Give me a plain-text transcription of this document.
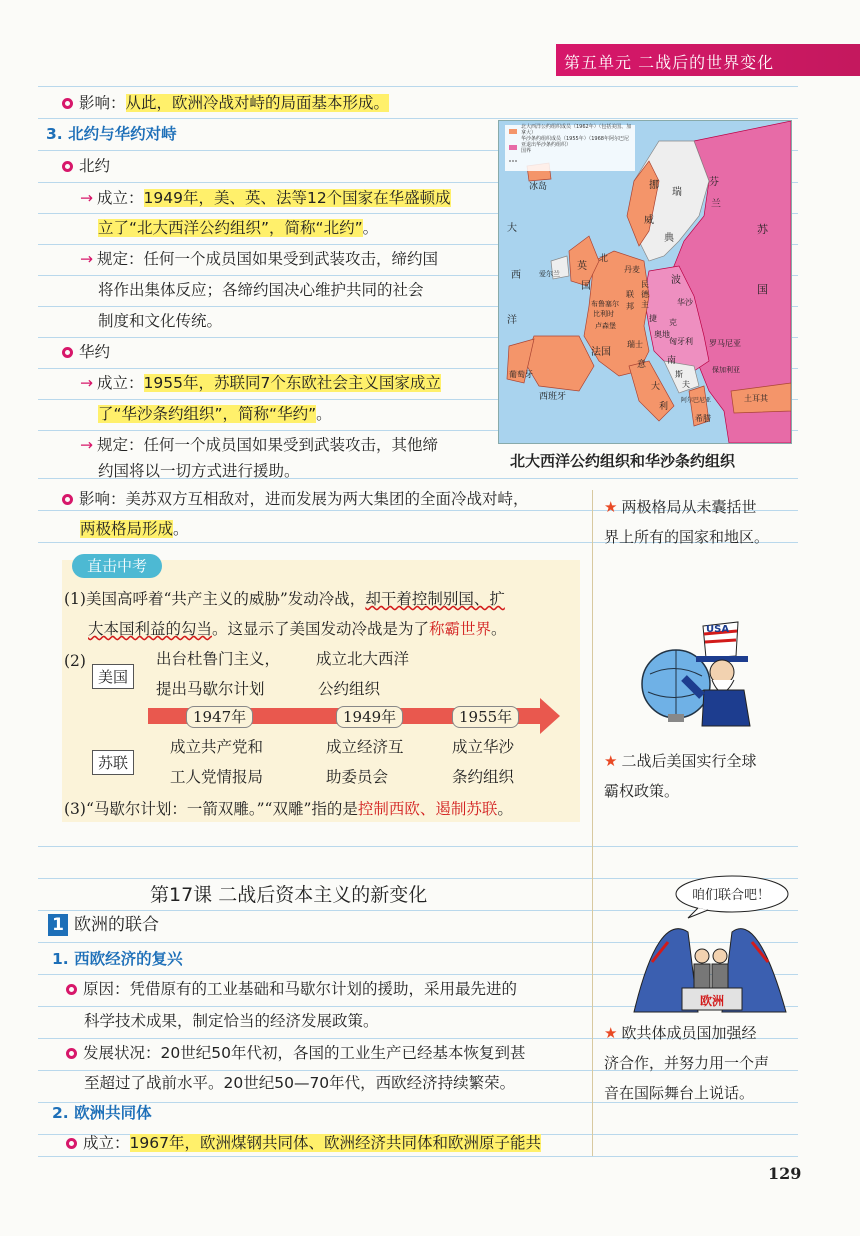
第五单元 二战后的世界变化
影响：从此，欧洲冷战对峙的局面基本形成。
3. 北约与华约对峙
北约
→ 成立：1949年，美、英、法等12个国家在华盛顿成
立了“北大西洋公约组织”，简称“北约”。
→ 规定：任何一个成员国如果受到武装攻击，缔约国
将作出集体反应；各缔约国决心维护共同的社会
制度和文化传统。
华约
→ 成立：1955年，苏联同7个东欧社会主义国家成立
了“华沙条约组织”，简称“华约”。
→ 规定：任何一个成员国如果受到武装攻击，其他缔
约国将以一切方式进行援助。
影响：美苏双方互相敌对，进而发展为两大集团的全面冷战对峙，
两极格局形成。
北大西洋公约组织成员（1962年）（包括美国、加拿大）
华沙条约组织成员（1955年）（1968年阿尔巴尼亚退出华沙条约组织）
国界
冰岛	挪
瑞
芬
兰
威
典
苏
大
西
洋
爱尔兰
北
英	丹麦
国
联
布鲁塞尔
比利时
邦
民
德
主
波
华沙
卢森堡
国
捷 克
法国
瑞士
奥地
匈牙利 罗马尼亚
意 南
保加利亚
大
斯
夫
葡萄牙
西班牙
利
阿尔巴尼亚
希腊
土耳其
北大西洋公约组织和华沙条约组织
★ 两极格局从未囊括世
界上所有的国家和地区。
USA
★ 二战后美国实行全球
霸权政策。
直击中考
(1)美国高呼着“共产主义的威胁”发动冷战，却干着控制别国、扩
大本国利益的勾当。这显示了美国发动冷战是为了称霸世界。
(2)
美国
出台杜鲁门主义，
提出马歇尔计划
成立北大西洋
公约组织
1947年	1949年	1955年
苏联
成立共产党和
工人党情报局
成立经济互
助委员会
成立华沙
条约组织
(3)“马歇尔计划：一箭双雕。”“双雕”指的是控制西欧、遏制苏联。
第17课 二战后资本主义的新变化
1 欧洲的联合
1. 西欧经济的复兴
原因：凭借原有的工业基础和马歇尔计划的援助，采用最先进的
科学技术成果，制定恰当的经济发展政策。
发展状况：20世纪50年代初，各国的工业生产已经基本恢复到甚
至超过了战前水平。20世纪50—70年代，西欧经济持续繁荣。
2. 欧洲共同体
成立：1967年，欧洲煤钢共同体、欧洲经济共同体和欧洲原子能共
咱们联合吧！
欧洲
★ 欧共体成员国加强经
济合作，并努力用一个声
音在国际舞台上说话。
129
